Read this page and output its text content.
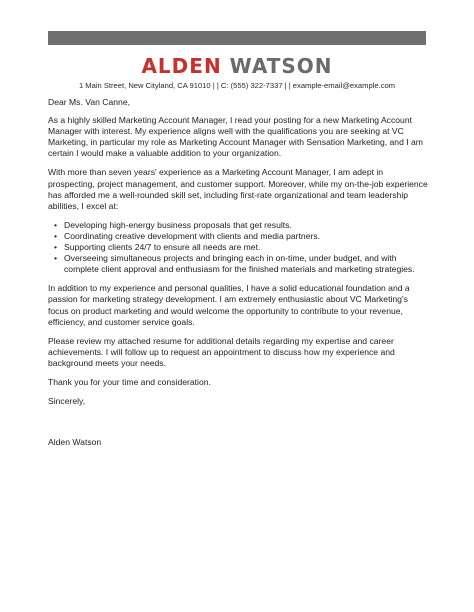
ALDEN WATSON
1 Main Street, New Cityland, CA 91010 | | C: (555) 322-7337 | | example-email@example.com

Dear Ms. Van Canne,

As a highly skilled Marketing Account Manager, I read your posting for a new Marketing Account Manager with interest. My experience aligns well with the qualifications you are seeking at VC Marketing, in particular my role as Marketing Account Manager with Sensation Marketing, and I am certain I would make a valuable addition to your organization.

With more than seven years' experience as a Marketing Account Manager, I am adept in prospecting, project management, and customer support. Moreover, while my on-the-job experience has afforded me a well-rounded skill set, including first-rate organizational and team leadership abilities, I excel at:

• Developing high-energy business proposals that get results.
• Coordinating creative development with clients and media partners.
• Supporting clients 24/7 to ensure all needs are met.
• Overseeing simultaneous projects and bringing each in on-time, under budget, and with complete client approval and enthusiasm for the finished materials and marketing strategies.

In addition to my experience and personal qualities, I have a solid educational foundation and a passion for marketing strategy development. I am extremely enthusiastic about VC Marketing's focus on product marketing and would welcome the opportunity to contribute to your revenue, efficiency, and customer service goals.

Please review my attached resume for additional details regarding my expertise and career achievements. I will follow up to request an appointment to discuss how my experience and background meets your needs.

Thank you for your time and consideration.

Sincerely,

Alden Watson
